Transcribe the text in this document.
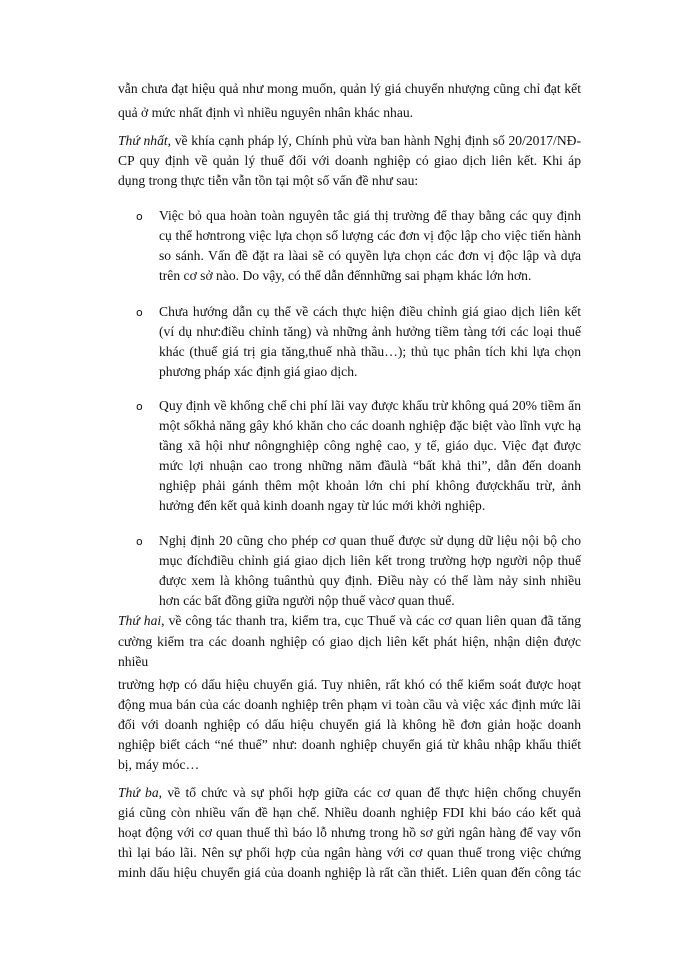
vẫn chưa đạt hiệu quả như mong muốn, quản lý giá chuyển nhượng cũng chỉ đạt kết
quả ở mức nhất định vì nhiều nguyên nhân khác nhau.
Thứ nhất, về khía cạnh pháp lý, Chính phủ vừa ban hành Nghị định số 20/2017/NĐ-
CP quy định về quản lý thuế đối với doanh nghiệp có giao dịch liên kết. Khi áp
dụng trong thực tiễn vẫn tồn tại một số vấn đề như sau:
o Việc bỏ qua hoàn toàn nguyên tắc giá thị trường để thay bằng các quy định
cụ thể hơntrong việc lựa chọn số lượng các đơn vị độc lập cho việc tiến hành
so sánh. Vấn đề đặt ra làai sẽ có quyền lựa chọn các đơn vị độc lập và dựa
trên cơ sở nào. Do vậy, có thể dẫn đếnnhững sai phạm khác lớn hơn.
o Chưa hướng dẫn cụ thể về cách thực hiện điều chỉnh giá giao dịch liên kết
(ví dụ như:điều chỉnh tăng) và những ảnh hưởng tiềm tàng tới các loại thuế
khác (thuế giá trị gia tăng,thuế nhà thầu…); thủ tục phân tích khi lựa chọn
phương pháp xác định giá giao dịch.
o Quy định về khống chế chi phí lãi vay được khấu trừ không quá 20% tiềm ẩn
một sốkhả năng gây khó khăn cho các doanh nghiệp đặc biệt vào lĩnh vực hạ
tầng xã hội như nôngnghiệp công nghệ cao, y tế, giáo dục. Việc đạt được
mức lợi nhuận cao trong những năm đầulà “bất khả thi”, dẫn đến doanh
nghiệp phải gánh thêm một khoản lớn chi phí không đượckhấu trừ, ảnh
hưởng đến kết quả kinh doanh ngay từ lúc mới khởi nghiệp.
o Nghị định 20 cũng cho phép cơ quan thuế được sử dụng dữ liệu nội bộ cho
mục đíchđiều chỉnh giá giao dịch liên kết trong trường hợp người nộp thuế
được xem là không tuânthủ quy định. Điều này có thể làm nảy sinh nhiều
hơn các bất đồng giữa người nộp thuế vàcơ quan thuế.
Thứ hai, về công tác thanh tra, kiểm tra, cục Thuế và các cơ quan liên quan đã tăng
cường kiểm tra các doanh nghiệp có giao dịch liên kết phát hiện, nhận diện được
nhiều
trường hợp có dấu hiệu chuyển giá. Tuy nhiên, rất khó có thể kiểm soát được hoạt
động mua bán của các doanh nghiệp trên phạm vi toàn cầu và việc xác định mức lãi
đối với doanh nghiệp có dấu hiệu chuyển giá là không hề đơn giản hoặc doanh
nghiệp biết cách “né thuế” như: doanh nghiệp chuyển giá từ khâu nhập khẩu thiết
bị, máy móc…
Thứ ba, về tổ chức và sự phối hợp giữa các cơ quan để thực hiện chống chuyển
giá cũng còn nhiều vấn đề hạn chế. Nhiều doanh nghiệp FDI khi báo cáo kết quả
hoạt động với cơ quan thuế thì báo lỗ nhưng trong hồ sơ gửi ngân hàng để vay vốn
thì lại báo lãi. Nên sự phối hợp của ngân hàng với cơ quan thuế trong việc chứng
minh dấu hiệu chuyển giá của doanh nghiệp là rất cần thiết. Liên quan đến công tác
